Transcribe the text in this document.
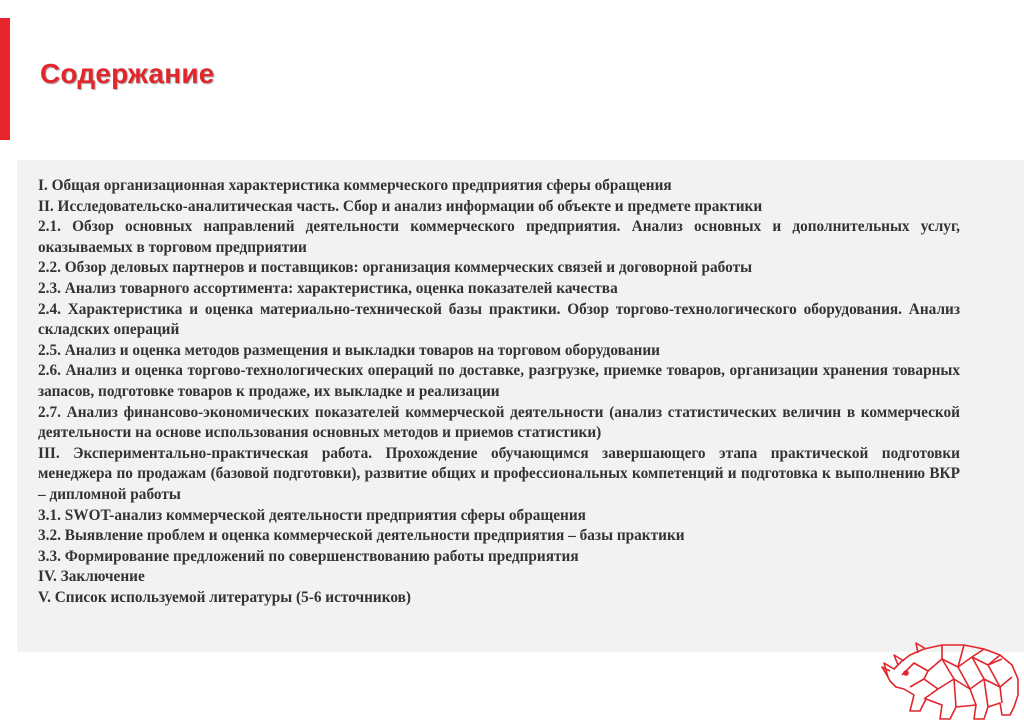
Содержание
I. Общая организационная характеристика коммерческого предприятия сферы обращения
II. Исследовательско-аналитическая часть. Сбор и анализ информации об объекте и предмете практики
2.1. Обзор основных направлений деятельности коммерческого предприятия. Анализ основных и дополнительных услуг, оказываемых в торговом предприятии
2.2. Обзор деловых партнеров и поставщиков: организация коммерческих связей и договорной работы
2.3. Анализ товарного ассортимента: характеристика, оценка показателей качества
2.4. Характеристика и оценка материально-технической базы практики. Обзор торгово-технологического оборудования. Анализ складских операций
2.5. Анализ и оценка методов размещения и выкладки товаров на торговом оборудовании
2.6. Анализ и оценка торгово-технологических операций по доставке, разгрузке, приемке товаров, организации хранения товарных запасов, подготовке товаров к продаже, их выкладке и реализации
2.7. Анализ финансово-экономических показателей коммерческой деятельности (анализ статистических величин в коммерческой деятельности на основе использования основных методов и приемов статистики)
III. Экспериментально-практическая работа. Прохождение обучающимся завершающего этапа практической подготовки менеджера по продажам (базовой подготовки), развитие общих и профессиональных компетенций и подготовка к выполнению ВКР – дипломной работы
3.1. SWOT-анализ коммерческой деятельности предприятия сферы обращения
3.2. Выявление проблем и оценка коммерческой деятельности предприятия – базы практики
3.3. Формирование предложений по совершенствованию работы предприятия
IV. Заключение
V. Список используемой литературы (5-6 источников)
